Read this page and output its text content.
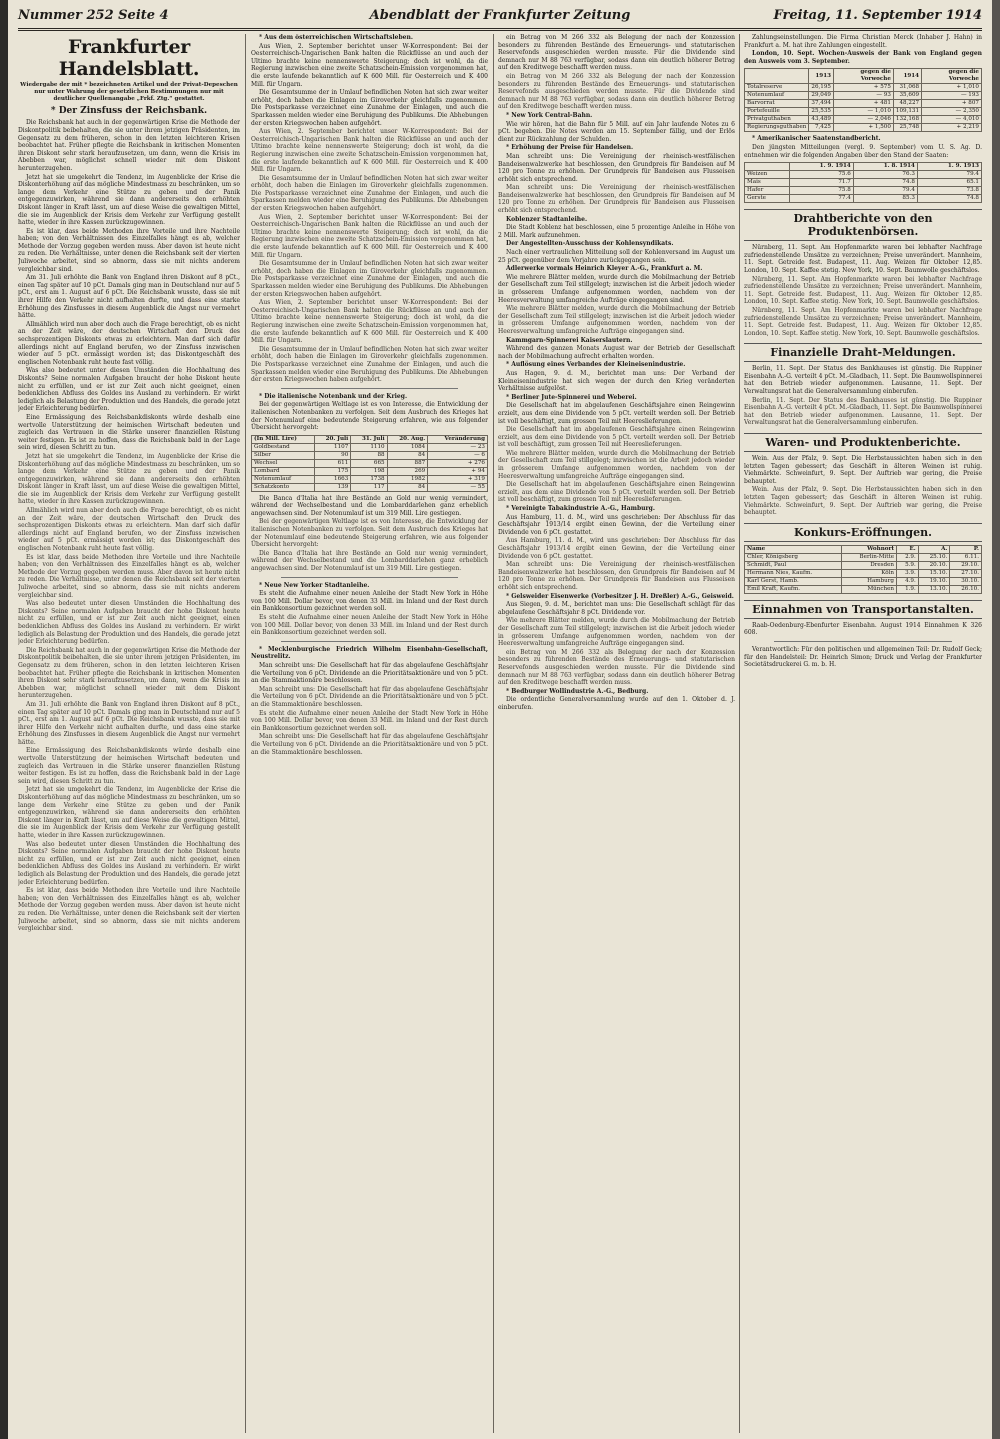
Nummer 252 Seite 4	Abendblatt der Frankfurter Zeitung	Freitag, 11. September 1914
Frankfurter Handelsblatt.
Wiedergabe der mit * bezeichneten Artikel und der Privat-Depeschen nur unter Wahrung der gesetzlichen Bestimmungen nur mit deutlicher Quellenangabe „Frkf. Ztg.“ gestattet.
* Der Zinsfuss der Reichsbank.

Die Reichsbank hat auch in der gegenwärtigen Krise die Methode der Diskontpolitik beibehalten, die sie unter ihrem jetzigen Präsidenten, im Gegensatz zu dem früheren, schon in den letzten leichteren Krisen beobachtet hat. Früher pflegte die Reichsbank in kritischen Momenten ihren Diskont sehr stark heraufzusetzen, um dann, wenn die Krisis im Abebben war, möglichst schnell wieder mit dem Diskont herunterzugehen.

Jetzt hat sie umgekehrt die Tendenz, im Augenblicke der Krise die Diskonterhöhung auf das mögliche Mindestmass zu beschränken, um so lange dem Verkehr eine Stütze zu geben und der Panik entgegenzuwirken, während sie dann andererseits den erhöhten Diskont länger in Kraft lässt, um auf diese Weise die gewaltigen Mittel, die sie im Augenblick der Krisis dem Verkehr zur Verfügung gestellt hatte, wieder in ihre Kassen zurückzugewinnen.

Es ist klar, dass beide Methoden ihre Vorteile und ihre Nachteile haben; von den Verhältnissen des Einzelfalles hängt es ab, welcher Methode der Vorzug gegeben werden muss. Aber davon ist heute nicht zu reden. Die Verhältnisse, unter denen die Reichsbank seit der vierten Juliwoche arbeitet, sind so abnorm, dass sie mit nichts anderem vergleichbar sind.

Am 31. Juli erhöhte die Bank von England ihren Diskont auf 8 pCt., einen Tag später auf 10 pCt. Damals ging man in Deutschland nur auf 5 pCt., erst am 1. August auf 6 pCt. Die Reichsbank wusste, dass sie mit ihrer Hilfe den Verkehr nicht aufhalten durfte, und dass eine starke Erhöhung des Zinsfusses in diesem Augenblick die Angst nur vermehrt hätte.

Allmählich wird nun aber doch auch die Frage berechtigt, ob es nicht an der Zeit wäre, der deutschen Wirtschaft den Druck des sechsprozentigen Diskonts etwas zu erleichtern. Man darf sich dafür allerdings nicht auf England berufen, wo der Zinsfuss inzwischen wieder auf 5 pCt. ermässigt worden ist; das Diskontgeschäft des englischen Notenbank ruht heute fast völlig.

Was also bedeutet unter diesen Umständen die Hochhaltung des Diskonts? Seine normalen Aufgaben braucht der hohe Diskont heute nicht zu erfüllen, und er ist zur Zeit auch nicht geeignet, einen bedenklichen Abfluss des Goldes ins Ausland zu verhindern. Er wirkt lediglich als Belastung der Produktion und des Handels, die gerade jetzt jeder Erleichterung bedürfen.

Eine Ermässigung des Reichsbankdiskonts würde deshalb eine wertvolle Unterstützung der heimischen Wirtschaft bedeuten und zugleich das Vertrauen in die Stärke unserer finanziellen Rüstung weiter festigen. Es ist zu hoffen, dass die Reichsbank bald in der Lage sein wird, diesen Schritt zu tun.

Jetzt hat sie umgekehrt die Tendenz, im Augenblicke der Krise die Diskonterhöhung auf das mögliche Mindestmass zu beschränken, um so lange dem Verkehr eine Stütze zu geben und der Panik entgegenzuwirken, während sie dann andererseits den erhöhten Diskont länger in Kraft lässt, um auf diese Weise die gewaltigen Mittel, die sie im Augenblick der Krisis dem Verkehr zur Verfügung gestellt hatte, wieder in ihre Kassen zurückzugewinnen.

Allmählich wird nun aber doch auch die Frage berechtigt, ob es nicht an der Zeit wäre, der deutschen Wirtschaft den Druck des sechsprozentigen Diskonts etwas zu erleichtern. Man darf sich dafür allerdings nicht auf England berufen, wo der Zinsfuss inzwischen wieder auf 5 pCt. ermässigt worden ist; das Diskontgeschäft des englischen Notenbank ruht heute fast völlig.

Es ist klar, dass beide Methoden ihre Vorteile und ihre Nachteile haben; von den Verhältnissen des Einzelfalles hängt es ab, welcher Methode der Vorzug gegeben werden muss. Aber davon ist heute nicht zu reden. Die Verhältnisse, unter denen die Reichsbank seit der vierten Juliwoche arbeitet, sind so abnorm, dass sie mit nichts anderem vergleichbar sind.

Was also bedeutet unter diesen Umständen die Hochhaltung des Diskonts? Seine normalen Aufgaben braucht der hohe Diskont heute nicht zu erfüllen, und er ist zur Zeit auch nicht geeignet, einen bedenklichen Abfluss des Goldes ins Ausland zu verhindern. Er wirkt lediglich als Belastung der Produktion und des Handels, die gerade jetzt jeder Erleichterung bedürfen.

Die Reichsbank hat auch in der gegenwärtigen Krise die Methode der Diskontpolitik beibehalten, die sie unter ihrem jetzigen Präsidenten, im Gegensatz zu dem früheren, schon in den letzten leichteren Krisen beobachtet hat. Früher pflegte die Reichsbank in kritischen Momenten ihren Diskont sehr stark heraufzusetzen, um dann, wenn die Krisis im Abebben war, möglichst schnell wieder mit dem Diskont herunterzugehen.

Am 31. Juli erhöhte die Bank von England ihren Diskont auf 8 pCt., einen Tag später auf 10 pCt. Damals ging man in Deutschland nur auf 5 pCt., erst am 1. August auf 6 pCt. Die Reichsbank wusste, dass sie mit ihrer Hilfe den Verkehr nicht aufhalten durfte, und dass eine starke Erhöhung des Zinsfusses in diesem Augenblick die Angst nur vermehrt hätte.

Eine Ermässigung des Reichsbankdiskonts würde deshalb eine wertvolle Unterstützung der heimischen Wirtschaft bedeuten und zugleich das Vertrauen in die Stärke unserer finanziellen Rüstung weiter festigen. Es ist zu hoffen, dass die Reichsbank bald in der Lage sein wird, diesen Schritt zu tun.

Jetzt hat sie umgekehrt die Tendenz, im Augenblicke der Krise die Diskonterhöhung auf das mögliche Mindestmass zu beschränken, um so lange dem Verkehr eine Stütze zu geben und der Panik entgegenzuwirken, während sie dann andererseits den erhöhten Diskont länger in Kraft lässt, um auf diese Weise die gewaltigen Mittel, die sie im Augenblick der Krisis dem Verkehr zur Verfügung gestellt hatte, wieder in ihre Kassen zurückzugewinnen.

Was also bedeutet unter diesen Umständen die Hochhaltung des Diskonts? Seine normalen Aufgaben braucht der hohe Diskont heute nicht zu erfüllen, und er ist zur Zeit auch nicht geeignet, einen bedenklichen Abfluss des Goldes ins Ausland zu verhindern. Er wirkt lediglich als Belastung der Produktion und des Handels, die gerade jetzt jeder Erleichterung bedürfen.

Es ist klar, dass beide Methoden ihre Vorteile und ihre Nachteile haben; von den Verhältnissen des Einzelfalles hängt es ab, welcher Methode der Vorzug gegeben werden muss. Aber davon ist heute nicht zu reden. Die Verhältnisse, unter denen die Reichsbank seit der vierten Juliwoche arbeitet, sind so abnorm, dass sie mit nichts anderem vergleichbar sind.

* Aus dem österreichischen Wirtschaftsleben.

Aus Wien, 2. September berichtet unser W-Korrespondent: Bei der Oesterreichisch-Ungarischen Bank halten die Rückflüsse an und auch der Ultimo brachte keine nennenswerte Steigerung; doch ist wohl, da die Regierung inzwischen eine zweite Schatzschein-Emission vorgenommen hat, die erste laufende bekanntlich auf K 600 Mill. für Oesterreich und K 400 Mill. für Ungarn.

Die Gesamtsumme der in Umlauf befindlichen Noten hat sich zwar weiter erhöht, doch haben die Einlagen im Giroverkehr gleichfalls zugenommen. Die Postsparkasse verzeichnet eine Zunahme der Einlagen, und auch die Sparkassen melden wieder eine Beruhigung des Publikums. Die Abhebungen der ersten Kriegswochen haben aufgehört.

Aus Wien, 2. September berichtet unser W-Korrespondent: Bei der Oesterreichisch-Ungarischen Bank halten die Rückflüsse an und auch der Ultimo brachte keine nennenswerte Steigerung; doch ist wohl, da die Regierung inzwischen eine zweite Schatzschein-Emission vorgenommen hat, die erste laufende bekanntlich auf K 600 Mill. für Oesterreich und K 400 Mill. für Ungarn.

Die Gesamtsumme der in Umlauf befindlichen Noten hat sich zwar weiter erhöht, doch haben die Einlagen im Giroverkehr gleichfalls zugenommen. Die Postsparkasse verzeichnet eine Zunahme der Einlagen, und auch die Sparkassen melden wieder eine Beruhigung des Publikums. Die Abhebungen der ersten Kriegswochen haben aufgehört.

Aus Wien, 2. September berichtet unser W-Korrespondent: Bei der Oesterreichisch-Ungarischen Bank halten die Rückflüsse an und auch der Ultimo brachte keine nennenswerte Steigerung; doch ist wohl, da die Regierung inzwischen eine zweite Schatzschein-Emission vorgenommen hat, die erste laufende bekanntlich auf K 600 Mill. für Oesterreich und K 400 Mill. für Ungarn.

Die Gesamtsumme der in Umlauf befindlichen Noten hat sich zwar weiter erhöht, doch haben die Einlagen im Giroverkehr gleichfalls zugenommen. Die Postsparkasse verzeichnet eine Zunahme der Einlagen, und auch die Sparkassen melden wieder eine Beruhigung des Publikums. Die Abhebungen der ersten Kriegswochen haben aufgehört.

Aus Wien, 2. September berichtet unser W-Korrespondent: Bei der Oesterreichisch-Ungarischen Bank halten die Rückflüsse an und auch der Ultimo brachte keine nennenswerte Steigerung; doch ist wohl, da die Regierung inzwischen eine zweite Schatzschein-Emission vorgenommen hat, die erste laufende bekanntlich auf K 600 Mill. für Oesterreich und K 400 Mill. für Ungarn.

Die Gesamtsumme der in Umlauf befindlichen Noten hat sich zwar weiter erhöht, doch haben die Einlagen im Giroverkehr gleichfalls zugenommen. Die Postsparkasse verzeichnet eine Zunahme der Einlagen, und auch die Sparkassen melden wieder eine Beruhigung des Publikums. Die Abhebungen der ersten Kriegswochen haben aufgehört.

* Die italienische Notenbank und der Krieg.

Bei der gegenwärtigen Weltlage ist es von Interesse, die Entwicklung der italienischen Notenbanken zu verfolgen. Seit dem Ausbruch des Krieges hat der Notenumlauf eine bedeutende Steigerung erfahren, wie aus folgender Übersicht hervorgeht:

(In Mill. Lire)	20. Juli	31. Juli	20. Aug.	Veränderung
Goldbestand	1107	1110	1084	— 23
Silber	90	88	84	— 6
Wechsel	611	665	887	+ 276
Lombard	175	198	269	+ 94
Notenumlauf	1663	1738	1982	+ 319
Schatzkonto	139	117	84	— 55

Die Banca d'Italia hat ihre Bestände an Gold nur wenig vermindert, während der Wechselbestand und die Lombarddarlehen ganz erheblich angewachsen sind. Der Notenumlauf ist um 319 Mill. Lire gestiegen.

Bei der gegenwärtigen Weltlage ist es von Interesse, die Entwicklung der italienischen Notenbanken zu verfolgen. Seit dem Ausbruch des Krieges hat der Notenumlauf eine bedeutende Steigerung erfahren, wie aus folgender Übersicht hervorgeht:

Die Banca d'Italia hat ihre Bestände an Gold nur wenig vermindert, während der Wechselbestand und die Lombarddarlehen ganz erheblich angewachsen sind. Der Notenumlauf ist um 319 Mill. Lire gestiegen.

* Neue New Yorker Stadtanleihe.

Es steht die Aufnahme einer neuen Anleihe der Stadt New York in Höhe von 100 Mill. Dollar bevor, von denen 33 Mill. im Inland und der Rest durch ein Bankkonsortium gezeichnet werden soll.

Es steht die Aufnahme einer neuen Anleihe der Stadt New York in Höhe von 100 Mill. Dollar bevor, von denen 33 Mill. im Inland und der Rest durch ein Bankkonsortium gezeichnet werden soll.

* Mecklenburgische Friedrich Wilhelm Eisenbahn-Gesellschaft, Neustrelitz.

Man schreibt uns: Die Gesellschaft hat für das abgelaufene Geschäftsjahr die Verteilung von 6 pCt. Dividende an die Prioritätsaktionäre und von 5 pCt. an die Stammaktionäre beschlossen.

Man schreibt uns: Die Gesellschaft hat für das abgelaufene Geschäftsjahr die Verteilung von 6 pCt. Dividende an die Prioritätsaktionäre und von 5 pCt. an die Stammaktionäre beschlossen.

Es steht die Aufnahme einer neuen Anleihe der Stadt New York in Höhe von 100 Mill. Dollar bevor, von denen 33 Mill. im Inland und der Rest durch ein Bankkonsortium gezeichnet werden soll.

Man schreibt uns: Die Gesellschaft hat für das abgelaufene Geschäftsjahr die Verteilung von 6 pCt. Dividende an die Prioritätsaktionäre und von 5 pCt. an die Stammaktionäre beschlossen.

ein Betrag von M 266 332 als Belegung der nach der Konzession besonders zu führenden Bestände des Erneuerungs- und statutarischen Reservefonds ausgeschieden werden musste. Für die Dividende sind demnach nur M 88 763 verfügbar, sodass dann ein deutlich höherer Betrag auf den Kreditwege beschafft werden muss.

ein Betrag von M 266 332 als Belegung der nach der Konzession besonders zu führenden Bestände des Erneuerungs- und statutarischen Reservefonds ausgeschieden werden musste. Für die Dividende sind demnach nur M 88 763 verfügbar, sodass dann ein deutlich höherer Betrag auf den Kreditwege beschafft werden muss.

* New York Central-Bahn.

Wie wir hören, hat die Bahn für 5 Mill. auf ein Jahr laufende Notes zu 6 pCt. begeben. Die Notes werden am 15. September fällig, und der Erlös dient zur Rückzahlung der Schulden.

* Erhöhung der Preise für Handelsen.

Man schreibt uns: Die Vereinigung der rheinisch-westfälischen Bandeisenwalzwerke hat beschlossen, den Grundpreis für Bandeisen auf M 120 pro Tonne zu erhöhen. Der Grundpreis für Bandeisen aus Flusseisen erhöht sich entsprechend.

Man schreibt uns: Die Vereinigung der rheinisch-westfälischen Bandeisenwalzwerke hat beschlossen, den Grundpreis für Bandeisen auf M 120 pro Tonne zu erhöhen. Der Grundpreis für Bandeisen aus Flusseisen erhöht sich entsprechend.

Koblenzer Stadtanleihe.

Die Stadt Koblenz hat beschlossen, eine 5 prozentige Anleihe in Höhe von 2 Mill. Mark aufzunehmen.

Der Angestellten-Ausschuss der Kohlensyndikats.

Nach einer vertraulichen Mitteilung soll der Kohlenversand im August um 25 pCt. gegenüber dem Vorjahre zurückgegangen sein.

Adlerwerke vormals Heinrich Kleyer A.-G., Frankfurt a. M.

Wie mehrere Blätter melden, wurde durch die Mobilmachung der Betrieb der Gesellschaft zum Teil stillgelegt; inzwischen ist die Arbeit jedoch wieder in grösserem Umfange aufgenommen worden, nachdem von der Heeresverwaltung umfangreiche Aufträge eingegangen sind.

Wie mehrere Blätter melden, wurde durch die Mobilmachung der Betrieb der Gesellschaft zum Teil stillgelegt; inzwischen ist die Arbeit jedoch wieder in grösserem Umfange aufgenommen worden, nachdem von der Heeresverwaltung umfangreiche Aufträge eingegangen sind.

Kammgarn-Spinnerei Kaiserslautern.

Während des ganzen Monats August war der Betrieb der Gesellschaft nach der Mobilmachung aufrecht erhalten worden.

* Auflösung eines Verbandes der Kleineisenindustrie.

Aus Hagen, 9. d. M., berichtet man uns: Der Verband der Kleineisenindustrie hat sich wegen der durch den Krieg veränderten Verhältnisse aufgelöst.

* Berliner Jute-Spinnerei und Weberei.

Die Gesellschaft hat im abgelaufenen Geschäftsjahre einen Reingewinn erzielt, aus dem eine Dividende von 5 pCt. verteilt werden soll. Der Betrieb ist voll beschäftigt, zum grossen Teil mit Heereslieferungen.

Die Gesellschaft hat im abgelaufenen Geschäftsjahre einen Reingewinn erzielt, aus dem eine Dividende von 5 pCt. verteilt werden soll. Der Betrieb ist voll beschäftigt, zum grossen Teil mit Heereslieferungen.

Wie mehrere Blätter melden, wurde durch die Mobilmachung der Betrieb der Gesellschaft zum Teil stillgelegt; inzwischen ist die Arbeit jedoch wieder in grösserem Umfange aufgenommen worden, nachdem von der Heeresverwaltung umfangreiche Aufträge eingegangen sind.

Die Gesellschaft hat im abgelaufenen Geschäftsjahre einen Reingewinn erzielt, aus dem eine Dividende von 5 pCt. verteilt werden soll. Der Betrieb ist voll beschäftigt, zum grossen Teil mit Heereslieferungen.

* Vereinigte Tabakindustrie A.-G., Hamburg.

Aus Hamburg, 11. d. M., wird uns geschrieben: Der Abschluss für das Geschäftsjahr 1913/14 ergibt einen Gewinn, der die Verteilung einer Dividende von 6 pCt. gestattet.

Aus Hamburg, 11. d. M., wird uns geschrieben: Der Abschluss für das Geschäftsjahr 1913/14 ergibt einen Gewinn, der die Verteilung einer Dividende von 6 pCt. gestattet.

Man schreibt uns: Die Vereinigung der rheinisch-westfälischen Bandeisenwalzwerke hat beschlossen, den Grundpreis für Bandeisen auf M 120 pro Tonne zu erhöhen. Der Grundpreis für Bandeisen aus Flusseisen erhöht sich entsprechend.

* Gelsweider Eisenwerke (Vorbesitzer J. H. Dreßler) A.-G., Geisweid.

Aus Siegen, 9. d. M., berichtet man uns: Die Gesellschaft schlägt für das abgelaufene Geschäftsjahr 8 pCt. Dividende vor.

Wie mehrere Blätter melden, wurde durch die Mobilmachung der Betrieb der Gesellschaft zum Teil stillgelegt; inzwischen ist die Arbeit jedoch wieder in grösserem Umfange aufgenommen worden, nachdem von der Heeresverwaltung umfangreiche Aufträge eingegangen sind.

ein Betrag von M 266 332 als Belegung der nach der Konzession besonders zu führenden Bestände des Erneuerungs- und statutarischen Reservefonds ausgeschieden werden musste. Für die Dividende sind demnach nur M 88 763 verfügbar, sodass dann ein deutlich höherer Betrag auf den Kreditwege beschafft werden muss.

* Bedburger Wollindustrie A.-G., Bedburg.

Die ordentliche Generalversammlung wurde auf den 1. Oktober d. J. einberufen.

Zahlungseinstellungen. Die Firma Christian Merck (Inhaber J. Hahn) in Frankfurt a. M. hat ihre Zahlungen eingestellt.

London, 10. Sept. Wochen-Ausweis der Bank von England gegen den Ausweis vom 3. September.

	1913	gegen die Vorwoche	1914	gegen die Vorwoche
Totalreserve	26,195	+ 575	31,068	+ 1,010
Notenumlauf	29,049	— 93	35,609	— 193
Barvorrat	37,494	+ 481	48,227	+ 807
Portefeuille	25,535	— 1,010	109,131	— 2,350
Privatguthaben	43,489	— 2,046	132,168	— 4,010
Regierungsguthaben	7,425	+ 1,500	25,748	+ 2,219

* Amerikanischer Saatenstandbericht.

Den jüngsten Mitteilungen (vergl. 9. September) vom U. S. Ag. D. entnehmen wir die folgenden Angaben über den Stand der Saaten:

	1. 9. 1914	1. 8. 1914	1. 9. 1913
Weizen	75.6	76.3	79.4
Mais	71.7	74.8	65.1
Hafer	75.8	79.4	73.8
Gerste	77.4	85.3	74.8
Drahtberichte von den Produktenbörsen.

Nürnberg, 11. Sept. Am Hopfenmarkte waren bei lebhafter Nachfrage zufriedenstellende Umsätze zu verzeichnen; Preise unverändert. Mannheim, 11. Sept. Getreide fest. Budapest, 11. Aug. Weizen für Oktober 12,85. London, 10. Sept. Kaffee stetig. New York, 10. Sept. Baumwolle geschäftslos.

Nürnberg, 11. Sept. Am Hopfenmarkte waren bei lebhafter Nachfrage zufriedenstellende Umsätze zu verzeichnen; Preise unverändert. Mannheim, 11. Sept. Getreide fest. Budapest, 11. Aug. Weizen für Oktober 12,85. London, 10. Sept. Kaffee stetig. New York, 10. Sept. Baumwolle geschäftslos.

Nürnberg, 11. Sept. Am Hopfenmarkte waren bei lebhafter Nachfrage zufriedenstellende Umsätze zu verzeichnen; Preise unverändert. Mannheim, 11. Sept. Getreide fest. Budapest, 11. Aug. Weizen für Oktober 12,85. London, 10. Sept. Kaffee stetig. New York, 10. Sept. Baumwolle geschäftslos.

Finanzielle Draht-Meldungen.

Berlin, 11. Sept. Der Status des Bankhauses ist günstig. Die Ruppiner Eisenbahn A.-G. verteilt 4 pCt. M.-Gladbach, 11. Sept. Die Baumwollspinnerei hat den Betrieb wieder aufgenommen. Lausanne, 11. Sept. Der Verwaltungsrat hat die Generalversammlung einberufen.

Berlin, 11. Sept. Der Status des Bankhauses ist günstig. Die Ruppiner Eisenbahn A.-G. verteilt 4 pCt. M.-Gladbach, 11. Sept. Die Baumwollspinnerei hat den Betrieb wieder aufgenommen. Lausanne, 11. Sept. Der Verwaltungsrat hat die Generalversammlung einberufen.

Waren- und Produktenberichte.

Wein. Aus der Pfalz, 9. Sept. Die Herbstaussichten haben sich in den letzten Tagen gebessert; das Geschäft in älteren Weinen ist ruhig. Viehmärkte. Schweinfurt, 9. Sept. Der Auftrieb war gering, die Preise behauptet.

Wein. Aus der Pfalz, 9. Sept. Die Herbstaussichten haben sich in den letzten Tagen gebessert; das Geschäft in älteren Weinen ist ruhig. Viehmärkte. Schweinfurt, 9. Sept. Der Auftrieb war gering, die Preise behauptet.

Konkurs-Eröffnungen.
Name	Wohnort	E.	A.	P.
Chler, Königsberg	Berlin-Mitte	2.9.	25.10.	6.11.
Schmidt, Paul	Dresden	5.9.	20.10.	29.10.
Hermann Nies, Kaufm.	Köln	3.9.	15.10.	27.10.
Karl Gerst, Hamb.	Hamburg	4.9.	19.10.	30.10.
Emil Kraft, Kaufm.	München	1.9.	13.10.	26.10.
Einnahmen von Transportanstalten.

Raab-Oedenburg-Ebenfurter Eisenbahn. August 1914 Einnahmen K 326 608.

Verantwortlich: Für den politischen und allgemeinen Teil: Dr. Rudolf Geck; für den Handelsteil: Dr. Heinrich Simon; Druck und Verlag der Frankfurter Societätsdruckerei G. m. b. H.
